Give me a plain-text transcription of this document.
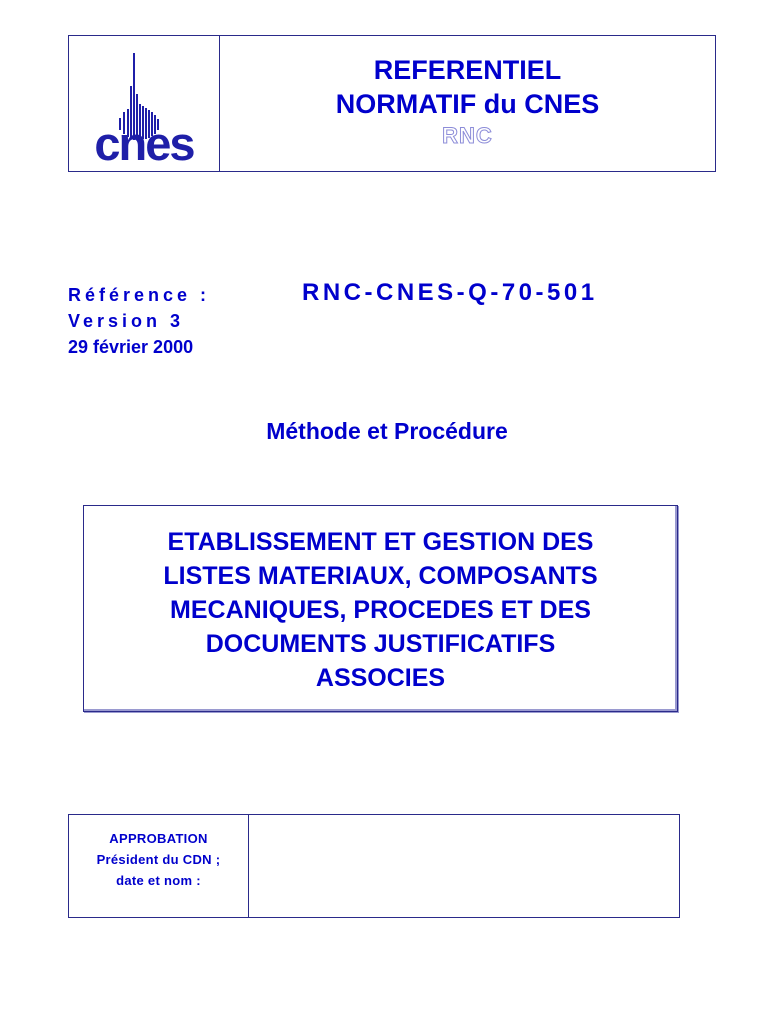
cnes
REFERENTIEL
NORMATIF du CNES
RNC
Référence :
Version 3
29 février 2000
RNC-CNES-Q-70-501
Méthode et Procédure
ETABLISSEMENT ET GESTION DES
LISTES MATERIAUX, COMPOSANTS
MECANIQUES, PROCEDES ET DES
DOCUMENTS JUSTIFICATIFS
ASSOCIES
APPROBATION
Président du CDN ;
date et nom :
